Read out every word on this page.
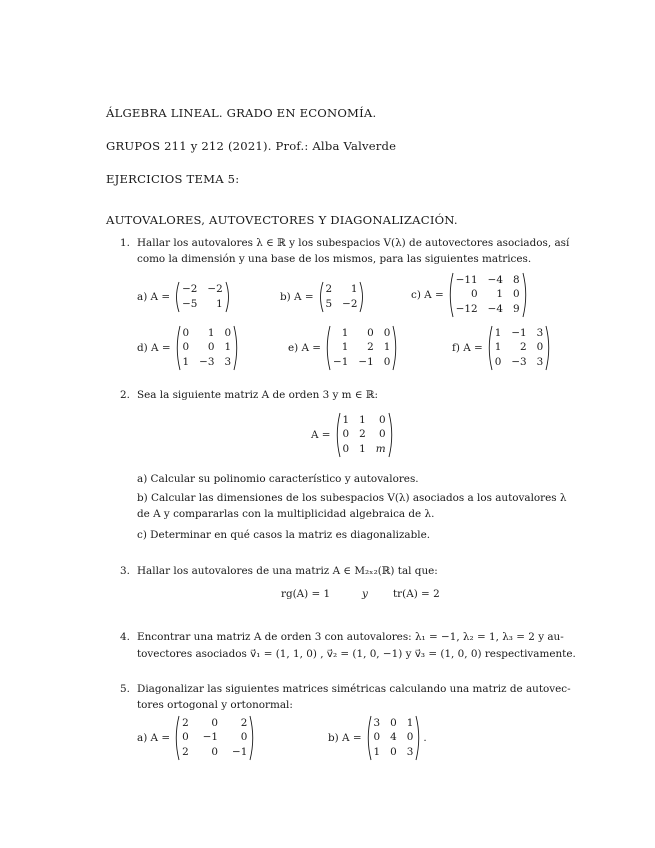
ÁLGEBRA LINEAL. GRADO EN ECONOMÍA.
GRUPOS 211 y 212 (2021). Prof.: Alba Valverde
EJERCICIOS TEMA 5:
AUTOVALORES, AUTOVECTORES Y DIAGONALIZACIÓN.
1. Hallar los autovalores λ ∈ ℝ y los subespacios V(λ) de autovectores asociados, así
como la dimensión y una base de los mismos, para las siguientes matrices.
a) A =
−2 −2
−5	1
b) A =
2	1
5 −2
c) A =
−11 −4 8
0	1 0
−12 −4 9
d) A =
0	1 0
0	0 1
1 −3 3
e) A =
1	0 0
1	2 1
−1 −1 0
f) A =
1 −1 3
1	2 0
0 −3 3
2. Sea la siguiente matriz A de orden 3 y m ∈ ℝ:
A =
1 1	0
0 2	0
0 1 m
a) Calcular su polinomio característico y autovalores.
b) Calcular las dimensiones de los subespacios V(λ) asociados a los autovalores λ
de A y compararlas con la multiplicidad algebraica de λ.
c) Determinar en qué casos la matriz es diagonalizable.
3. Hallar los autovalores de una matriz A ∈ M₂ₓ₂(ℝ) tal que:
rg(A) = 1	y tr(A) = 2
4. Encontrar una matriz A de orden 3 con autovalores: λ₁ = −1, λ₂ = 1, λ₃ = 2 y au-
tovectores asociados v⃗₁ = (1, 1, 0) , v⃗₂ = (1, 0, −1) y v⃗₃ = (1, 0, 0) respectivamente.
5. Diagonalizar las siguientes matrices simétricas calculando una matriz de autovec-
tores ortogonal y ortonormal:
a) A =
2	0	2
0 −1	0
2	0 −1
b) A =
3 0 1
0 4 0
1 0 3
.
